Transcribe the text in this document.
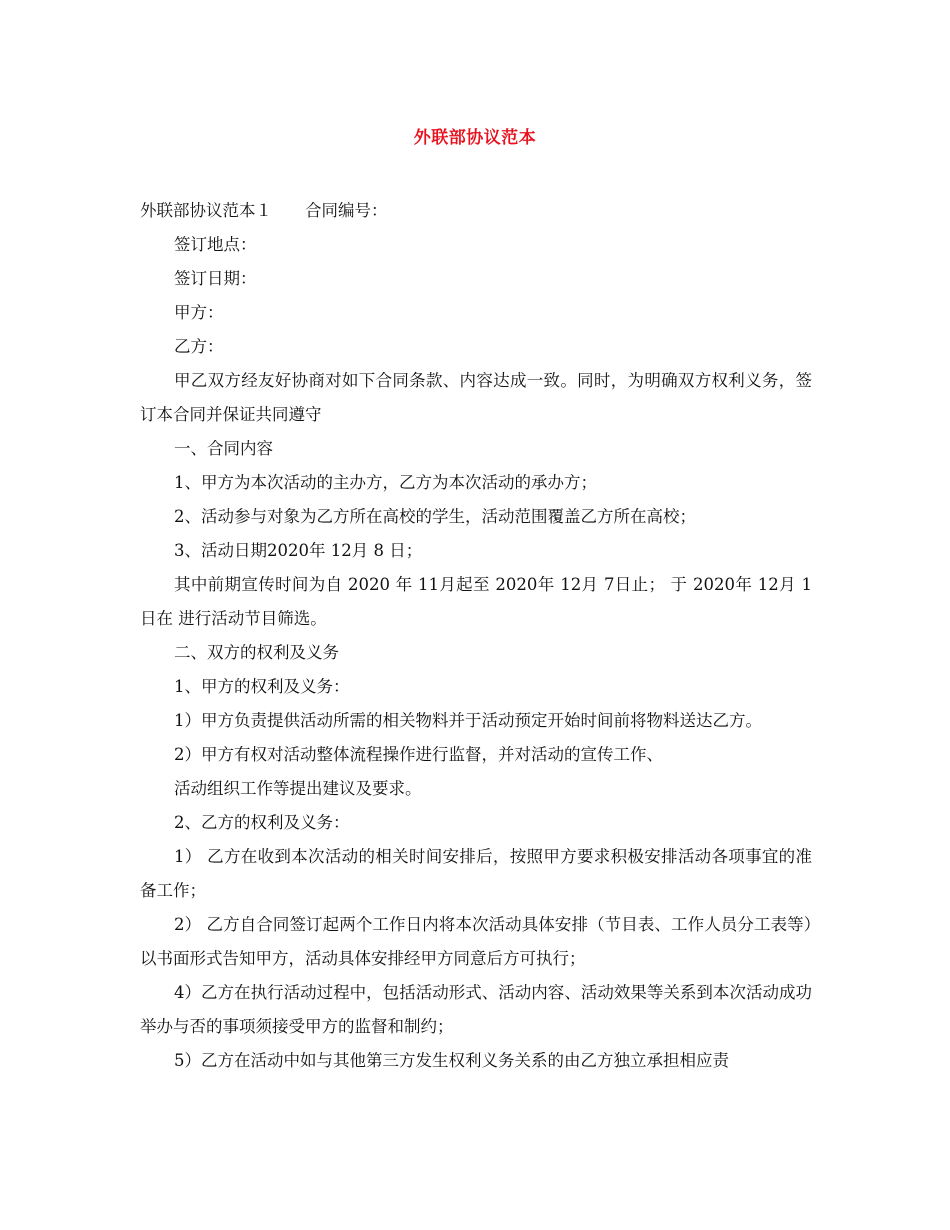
外联部协议范本

外联部协议范本１　　合同编号：

签订地点：

签订日期：

甲方：

乙方：

甲乙双方经友好协商对如下合同条款、内容达成一致。同时，为明确双方权利义务，签订本合同并保证共同遵守

一、合同内容

1、甲方为本次活动的主办方，乙方为本次活动的承办方；

2、活动参与对象为乙方所在高校的学生，活动范围覆盖乙方所在高校；

3、活动日期2020年 12月 8 日；

其中前期宣传时间为自 2020 年 11月起至 2020年 12月 7日止； 于 2020年 12月 1日在 进行活动节目筛选。

二、双方的权利及义务

1、甲方的权利及义务：

1）甲方负责提供活动所需的相关物料并于活动预定开始时间前将物料送达乙方。

2）甲方有权对活动整体流程操作进行监督，并对活动的宣传工作、

活动组织工作等提出建议及要求。

2、乙方的权利及义务：

1） 乙方在收到本次活动的相关时间安排后，按照甲方要求积极安排活动各项事宜的准备工作；

2） 乙方自合同签订起两个工作日内将本次活动具体安排（节目表、工作人员分工表等）以书面形式告知甲方，活动具体安排经甲方同意后方可执行；

4）乙方在执行活动过程中，包括活动形式、活动内容、活动效果等关系到本次活动成功举办与否的事项须接受甲方的监督和制约；

5）乙方在活动中如与其他第三方发生权利义务关系的由乙方独立承担相应责
